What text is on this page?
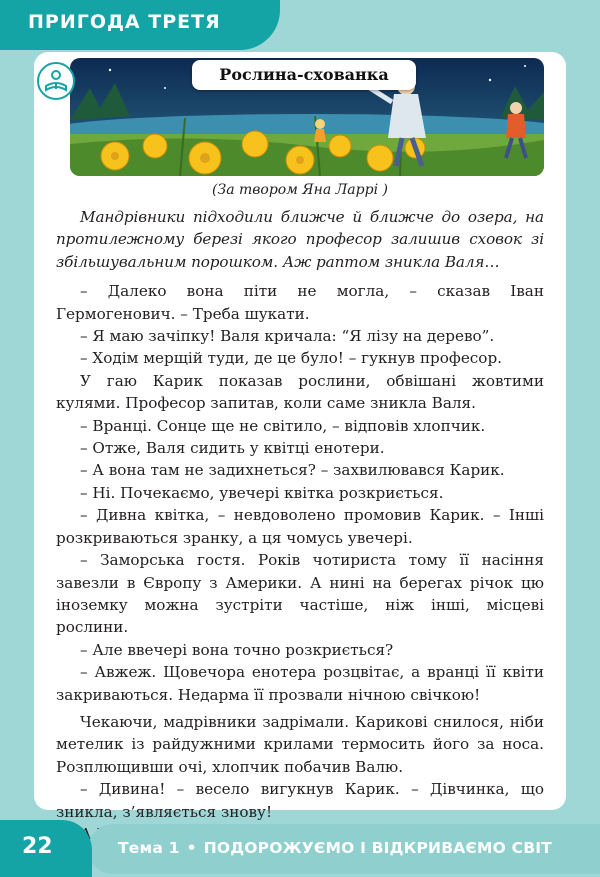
ПРИГОДА ТРЕТЯ
Рослина-схованка
(За твором Яна Ларрі )

Мандрівники підходили ближче й ближче до озера, на протилежному березі якого професор залишив сховок зі збільшувальним порошком. Аж раптом зникла Валя…

– Далеко вона піти не могла, – сказав Іван Гермогенович. – Треба шукати.

– Я маю зачіпку! Валя кричала: “Я лізу на дерево”.

– Ходім мерщій туди, де це було! – гукнув професор.

У гаю Карик показав рослини, обвішані жовтими кулями. Професор запитав, коли саме зникла Валя.

– Вранці. Сонце ще не світило, – відповів хлопчик.

– Отже, Валя сидить у квітці енотери.

– А вона там не задихнеться? – захвилювався Карик.

– Ні. Почекаємо, увечері квітка розкриється.

– Дивна квітка, – невдоволено промовив Карик. – Інші розкриваються зранку, а ця чомусь увечері.

– Заморська гостя. Років чотириста тому її насіння завезли в Європу з Америки. А нині на берегах річок цю іноземку можна зустріти частіше, ніж інші, місцеві рослини.

– Але ввечері вона точно розкриється?

– Авжеж. Щовечора енотера розцвітає, а вранці її квіти закриваються. Недарма її прозвали нічною свічкою!

Чекаючи, мадрівники задрімали. Карикові снилося, ніби метелик із райдужними крилами термосить його за носа. Розплющивши очі, хлопчик побачив Валю.

– Дивина! – весело вигукнув Карик. – Дівчинка, що зникла, з’являється знову!

22	Тема 1 • ПОДОРОЖУЄМО І ВІДКРИВАЄМО СВІТ
